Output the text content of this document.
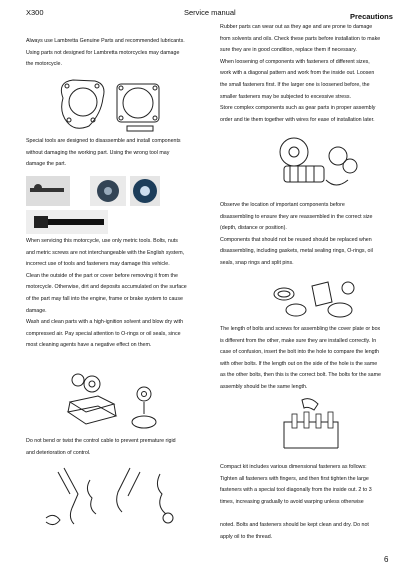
X300	Service manual	Precautions

Always use Lambretta Genuine Parts and recommended lubricants.

Using parts not designed for Lambretta motorcycles may damage

the motorcycle.

Special tools are designed to disassemble and install components

without damaging the working part. Using the wrong tool may

damage the part.

When servicing this motorcycle, use only metric tools. Bolts, nuts

and metric screws are not interchangeable with the English system,

incorrect use of tools and fasteners may damage this vehicle.

Clean the outside of the part or cover before removing it from the

motorcycle. Otherwise, dirt and deposits accumulated on the surface

of the part may fall into the engine, frame or brake system to cause

damage.

Wash and clean parts with a high-ignition solvent and blow dry with

compressed air. Pay special attention to O-rings or oil seals, since

most cleaning agents have a negative effect on them.

Do not bend or twist the control cable to prevent premature rigid

and deterioration of control.

Rubber parts can wear out as they age and are prone to damage

from solvents and oils. Check these parts before installation to make

sure they are in good condition, replace them if necessary.

When loosening of components with fasteners of different sizes,

work with a diagonal pattern and work from the inside out. Loosen

the small fasteners first. If the larger one is loosened before, the

smaller fasteners may be subjected to excessive stress.

Store complex components such as gear parts in proper assembly

order and tie them together with wires for ease of installation later.

Observe the location of important components before

disassembling to ensure they are reassembled in the correct size

(depth, distance or position).

Components that should not be reused should be replaced when

disassembling, including gaskets, metal sealing rings, O-rings, oil

seals, snap rings and split pins.

The length of bolts and screws for assembling the cover plate or box

is different from the other, make sure they are installed correctly. In

case of confusion, insert the bolt into the hole to compare the length

with other bolts. If the length out on the side of the hole is the same

as the other bolts, then this is the correct bolt. The bolts for the same

assembly should be the same length.

Compact kit includes various dimensional fasteners as follows:

Tighten all fasteners with fingers, and then first tighten the large

fasteners with a special tool diagonally from the inside out. 2 to 3

times, increasing gradually to avoid warping unless otherwise

noted. Bolts and fasteners should be kept clean and dry. Do not

apply oil to the thread.

6
